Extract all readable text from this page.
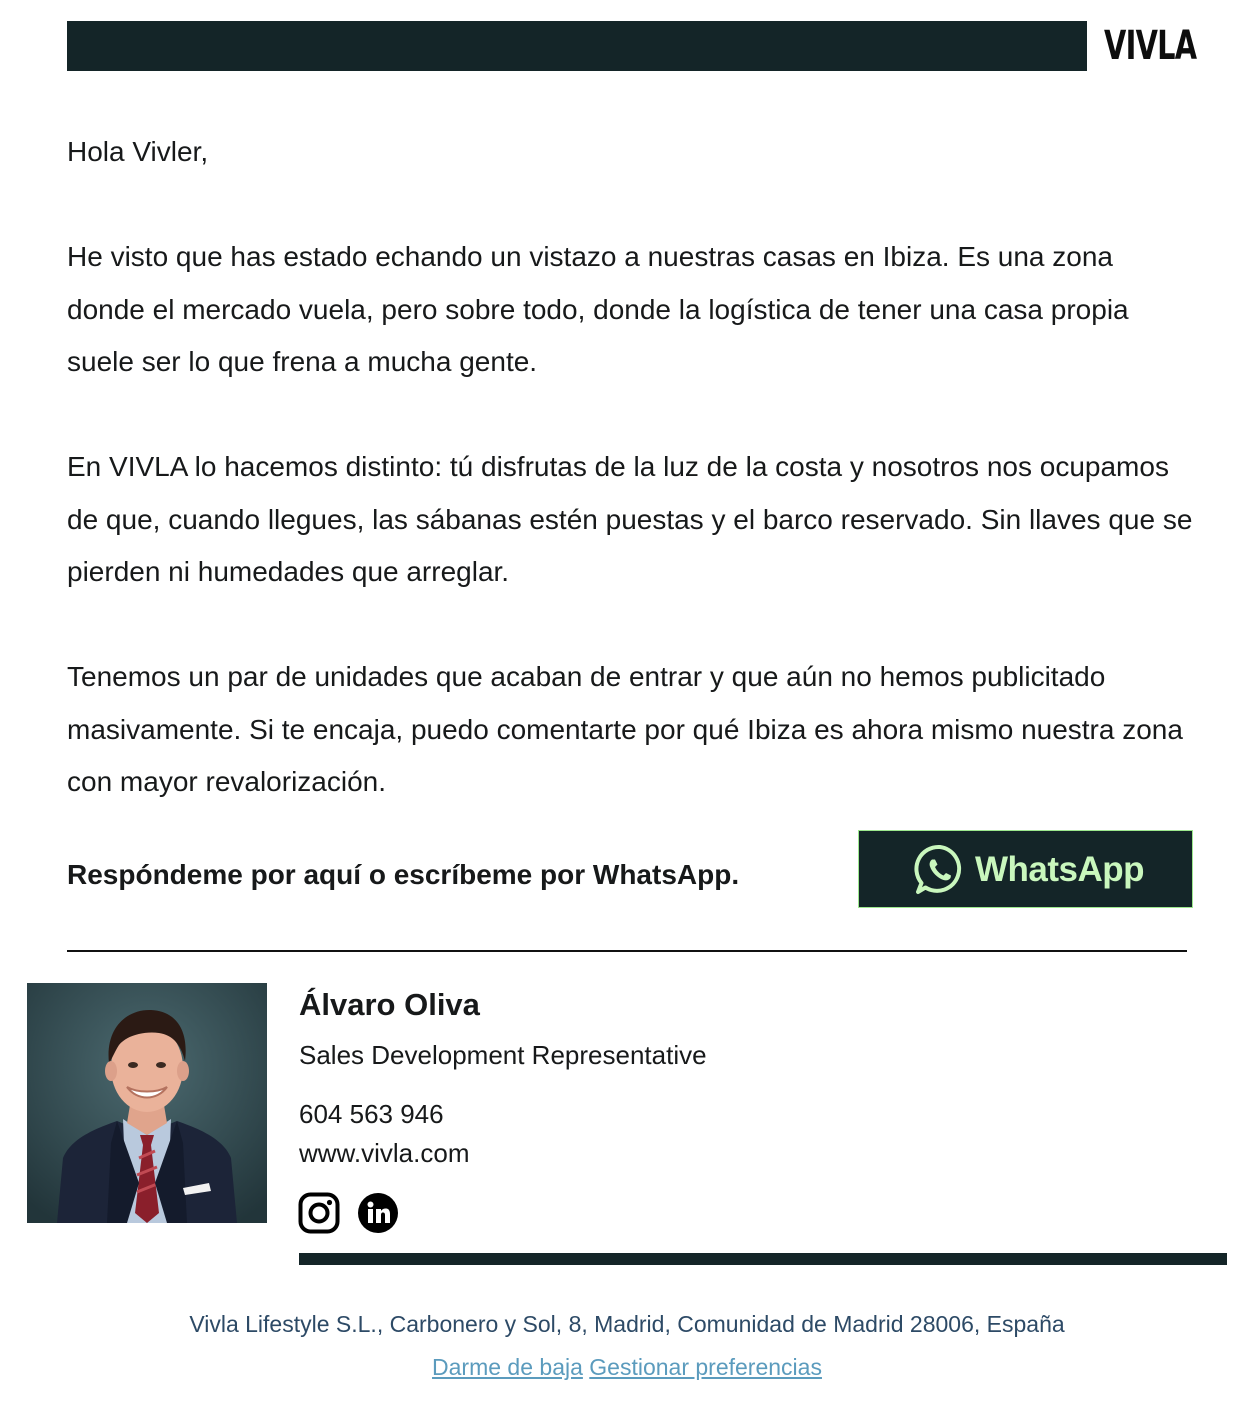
VIVLA

Hola Vivler,

He visto que has estado echando un vistazo a nuestras casas en Ibiza. Es una zona donde el mercado vuela, pero sobre todo, donde la logística de tener una casa propia suele ser lo que frena a mucha gente.

En VIVLA lo hacemos distinto: tú disfrutas de la luz de la costa y nosotros nos ocupamos de que, cuando llegues, las sábanas estén puestas y el barco reservado. Sin llaves que se pierden ni humedades que arreglar.

Tenemos un par de unidades que acaban de entrar y que aún no hemos publicitado masivamente. Si te encaja, puedo comentarte por qué Ibiza es ahora mismo nuestra zona con mayor revalorización.

Respóndeme por aquí o escríbeme por WhatsApp.	WhatsApp

Álvaro Oliva

Sales Development Representative

604 563 946

www.vivla.com

Vivla Lifestyle S.L., Carbonero y Sol, 8, Madrid, Comunidad de Madrid 28006, España

Darme de baja Gestionar preferencias
